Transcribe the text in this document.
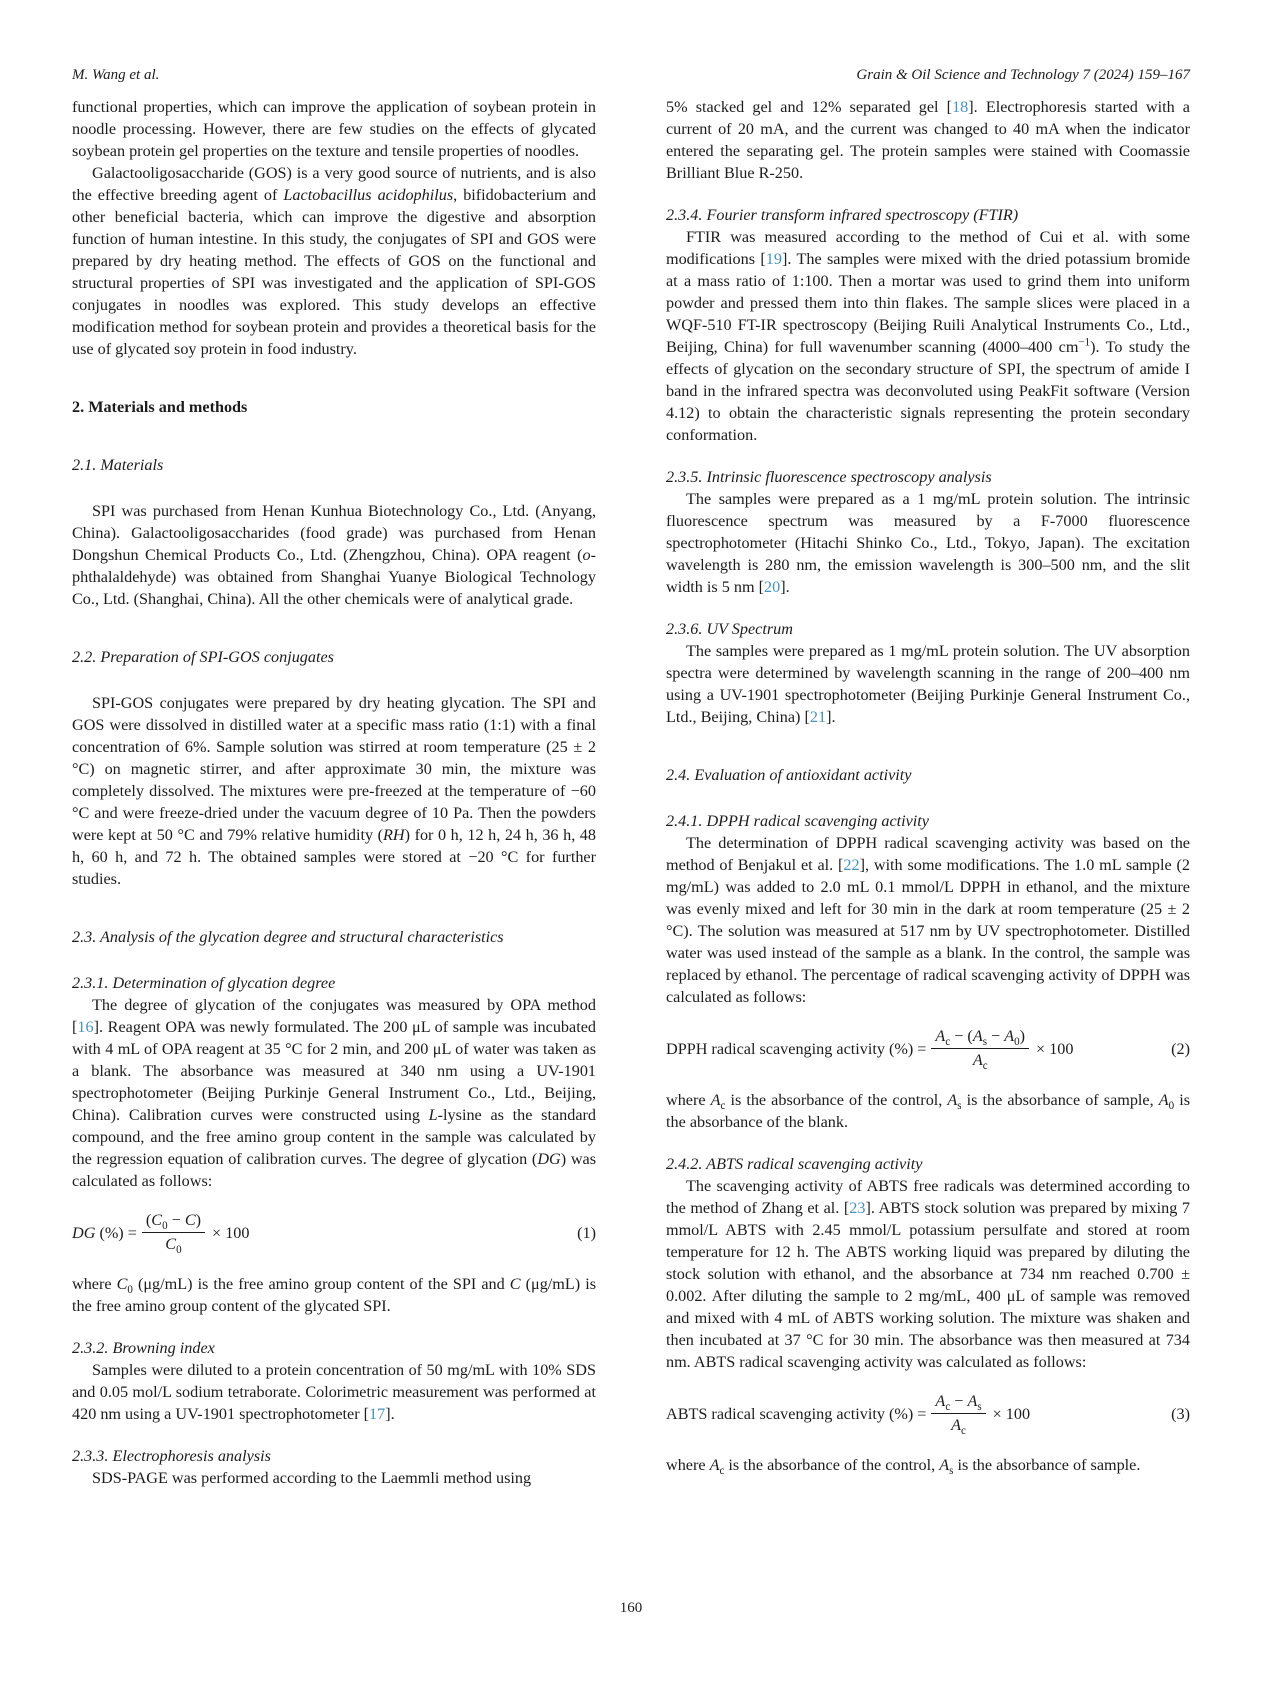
M. Wang et al.	Grain & Oil Science and Technology 7 (2024) 159–167
functional properties, which can improve the application of soybean protein in noodle processing. However, there are few studies on the effects of glycated soybean protein gel properties on the texture and tensile properties of noodles.
Galactooligosaccharide (GOS) is a very good source of nutrients, and is also the effective breeding agent of Lactobacillus acidophilus, bifidobacterium and other beneficial bacteria, which can improve the digestive and absorption function of human intestine. In this study, the conjugates of SPI and GOS were prepared by dry heating method. The effects of GOS on the functional and structural properties of SPI was investigated and the application of SPI-GOS conjugates in noodles was explored. This study develops an effective modification method for soybean protein and provides a theoretical basis for the use of glycated soy protein in food industry.
2. Materials and methods
2.1. Materials
SPI was purchased from Henan Kunhua Biotechnology Co., Ltd. (Anyang, China). Galactooligosaccharides (food grade) was purchased from Henan Dongshun Chemical Products Co., Ltd. (Zhengzhou, China). OPA reagent (o-phthalaldehyde) was obtained from Shanghai Yuanye Biological Technology Co., Ltd. (Shanghai, China). All the other chemicals were of analytical grade.
2.2. Preparation of SPI-GOS conjugates
SPI-GOS conjugates were prepared by dry heating glycation. The SPI and GOS were dissolved in distilled water at a specific mass ratio (1:1) with a final concentration of 6%. Sample solution was stirred at room temperature (25 ± 2 °C) on magnetic stirrer, and after approximate 30 min, the mixture was completely dissolved. The mixtures were pre-freezed at the temperature of −60 °C and were freeze-dried under the vacuum degree of 10 Pa. Then the powders were kept at 50 °C and 79% relative humidity (RH) for 0 h, 12 h, 24 h, 36 h, 48 h, 60 h, and 72 h. The obtained samples were stored at −20 °C for further studies.
2.3. Analysis of the glycation degree and structural characteristics
2.3.1. Determination of glycation degree
The degree of glycation of the conjugates was measured by OPA method [16]. Reagent OPA was newly formulated. The 200 μL of sample was incubated with 4 mL of OPA reagent at 35 °C for 2 min, and 200 μL of water was taken as a blank. The absorbance was measured at 340 nm using a UV-1901 spectrophotometer (Beijing Purkinje General Instrument Co., Ltd., Beijing, China). Calibration curves were constructed using L-lysine as the standard compound, and the free amino group content in the sample was calculated by the regression equation of calibration curves. The degree of glycation (DG) was calculated as follows:
DG (%) = $\frac{(C_0 - C)}{C_0} \times 100$	(1)
where $C_0$ (μg/mL) is the free amino group content of the SPI and C (μg/mL) is the free amino group content of the glycated SPI.
2.3.2. Browning index
Samples were diluted to a protein concentration of 50 mg/mL with 10% SDS and 0.05 mol/L sodium tetraborate. Colorimetric measurement was performed at 420 nm using a UV-1901 spectrophotometer [17].
2.3.3. Electrophoresis analysis
SDS-PAGE was performed according to the Laemmli method using
5% stacked gel and 12% separated gel [18]. Electrophoresis started with a current of 20 mA, and the current was changed to 40 mA when the indicator entered the separating gel. The protein samples were stained with Coomassie Brilliant Blue R-250.
2.3.4. Fourier transform infrared spectroscopy (FTIR)
FTIR was measured according to the method of Cui et al. with some modifications [19]. The samples were mixed with the dried potassium bromide at a mass ratio of 1:100. Then a mortar was used to grind them into uniform powder and pressed them into thin flakes. The sample slices were placed in a WQF-510 FT-IR spectroscopy (Beijing Ruili Analytical Instruments Co., Ltd., Beijing, China) for full wavenumber scanning (4000–400 $cm^{-1}$). To study the effects of glycation on the secondary structure of SPI, the spectrum of amide I band in the infrared spectra was deconvoluted using PeakFit software (Version 4.12) to obtain the characteristic signals representing the protein secondary conformation.
2.3.5. Intrinsic fluorescence spectroscopy analysis
The samples were prepared as a 1 mg/mL protein solution. The intrinsic fluorescence spectrum was measured by a F-7000 fluorescence spectrophotometer (Hitachi Shinko Co., Ltd., Tokyo, Japan). The excitation wavelength is 280 nm, the emission wavelength is 300–500 nm, and the slit width is 5 nm [20].
2.3.6. UV Spectrum
The samples were prepared as 1 mg/mL protein solution. The UV absorption spectra were determined by wavelength scanning in the range of 200–400 nm using a UV-1901 spectrophotometer (Beijing Purkinje General Instrument Co., Ltd., Beijing, China) [21].
2.4. Evaluation of antioxidant activity
2.4.1. DPPH radical scavenging activity
The determination of DPPH radical scavenging activity was based on the method of Benjakul et al. [22], with some modifications. The 1.0 mL sample (2 mg/mL) was added to 2.0 mL 0.1 mmol/L DPPH in ethanol, and the mixture was evenly mixed and left for 30 min in the dark at room temperature (25 ± 2 °C). The solution was measured at 517 nm by UV spectrophotometer. Distilled water was used instead of the sample as a blank. In the control, the sample was replaced by ethanol. The percentage of radical scavenging activity of DPPH was calculated as follows:
DPPH radical scavenging activity (%) = $\frac{A_c - (A_s - A_0)}{A_c} \times 100$	(2)
where $A_c$ is the absorbance of the control, $A_s$ is the absorbance of sample, $A_0$ is the absorbance of the blank.
2.4.2. ABTS radical scavenging activity
The scavenging activity of ABTS free radicals was determined according to the method of Zhang et al. [23]. ABTS stock solution was prepared by mixing 7 mmol/L ABTS with 2.45 mmol/L potassium persulfate and stored at room temperature for 12 h. The ABTS working liquid was prepared by diluting the stock solution with ethanol, and the absorbance at 734 nm reached 0.700 ± 0.002. After diluting the sample to 2 mg/mL, 400 μL of sample was removed and mixed with 4 mL of ABTS working solution. The mixture was shaken and then incubated at 37 °C for 30 min. The absorbance was then measured at 734 nm. ABTS radical scavenging activity was calculated as follows:
ABTS radical scavenging activity (%) = $\frac{A_c - A_s}{A_c} \times 100$	(3)
where $A_c$ is the absorbance of the control, $A_s$ is the absorbance of sample.
160
